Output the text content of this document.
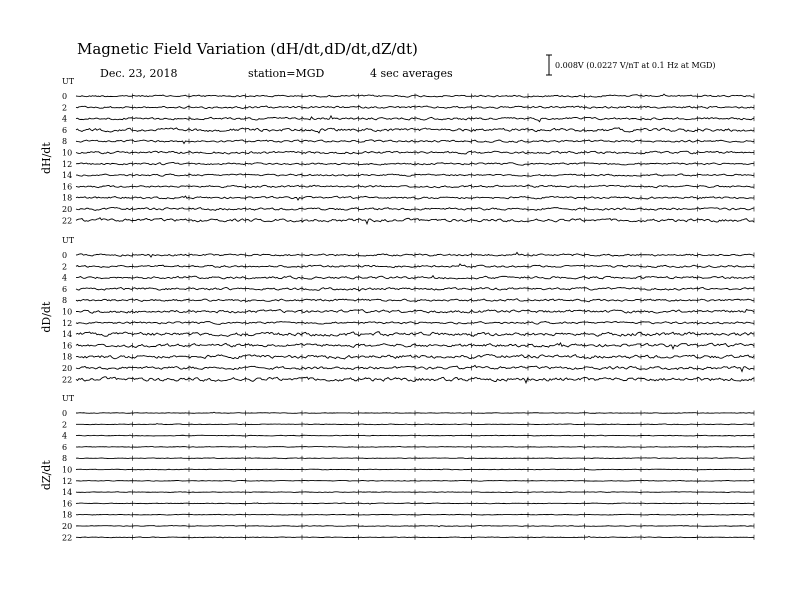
Magnetic Field Variation (dH/dt,dD/dt,dZ/dt)
Dec. 23, 2018	station=MGD	4 sec averages
0.008V (0.0227 V/nT at 0.1 Hz at MGD)
UT
dH/dt
0
2
4
6
8
10
12
14
16
18
20
22
UT
dD/dt
0
2
4
6
8
10
12
14
16
18
20
22
UT
dZ/dt
0
2
4
6
8
10
12
14
16
18
20
22
